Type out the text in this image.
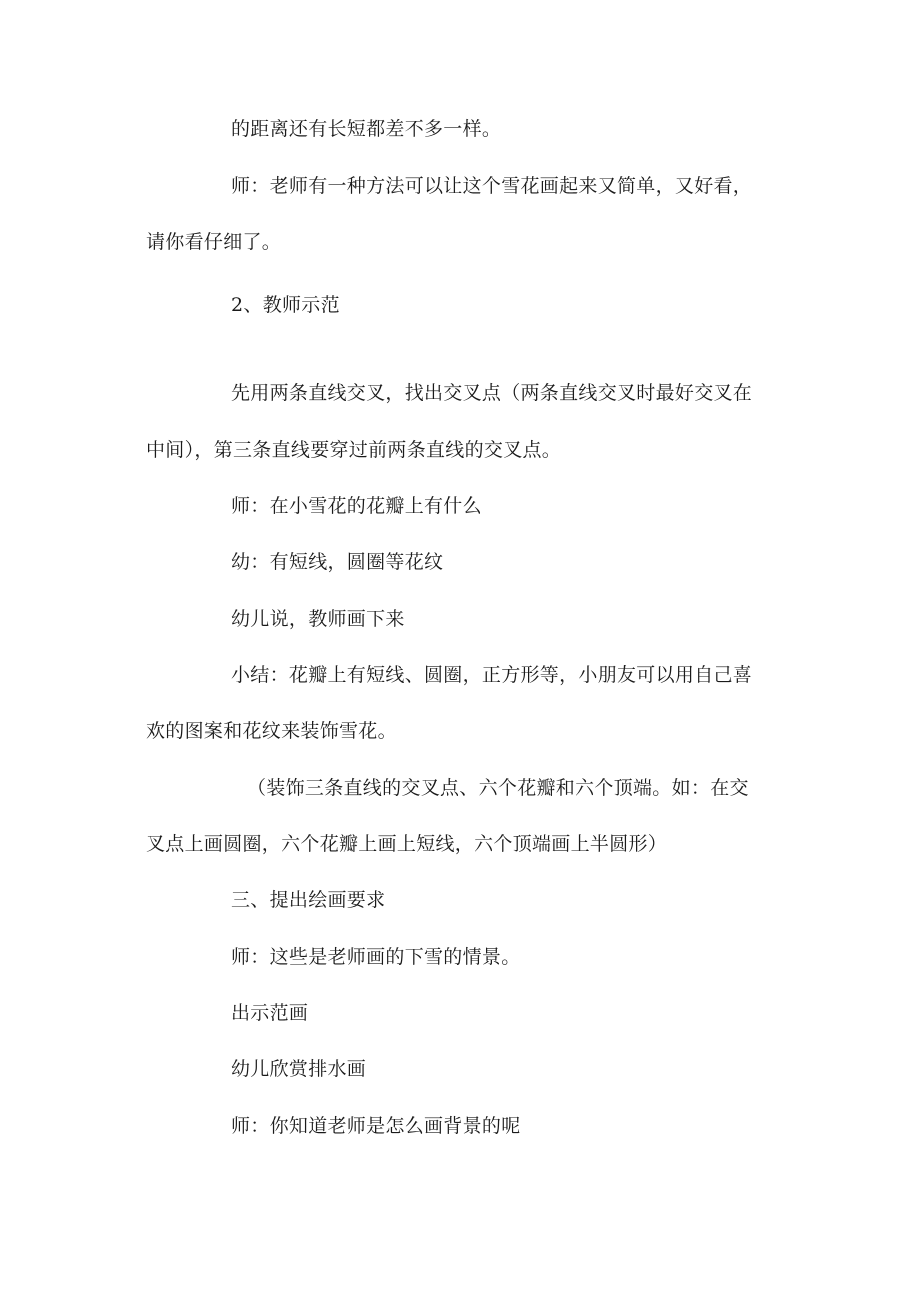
的距离还有长短都差不多一样。
师：老师有一种方法可以让这个雪花画起来又简单，又好看，
请你看仔细了。
2、教师示范
先用两条直线交叉，找出交叉点（两条直线交叉时最好交叉在
中间），第三条直线要穿过前两条直线的交叉点。
师：在小雪花的花瓣上有什么
幼：有短线，圆圈等花纹
幼儿说，教师画下来
小结：花瓣上有短线、圆圈，正方形等，小朋友可以用自己喜
欢的图案和花纹来装饰雪花。
（装饰三条直线的交叉点、六个花瓣和六个顶端。如：在交
叉点上画圆圈，六个花瓣上画上短线，六个顶端画上半圆形）
三、提出绘画要求
师：这些是老师画的下雪的情景。
出示范画
幼儿欣赏排水画
师：你知道老师是怎么画背景的呢
